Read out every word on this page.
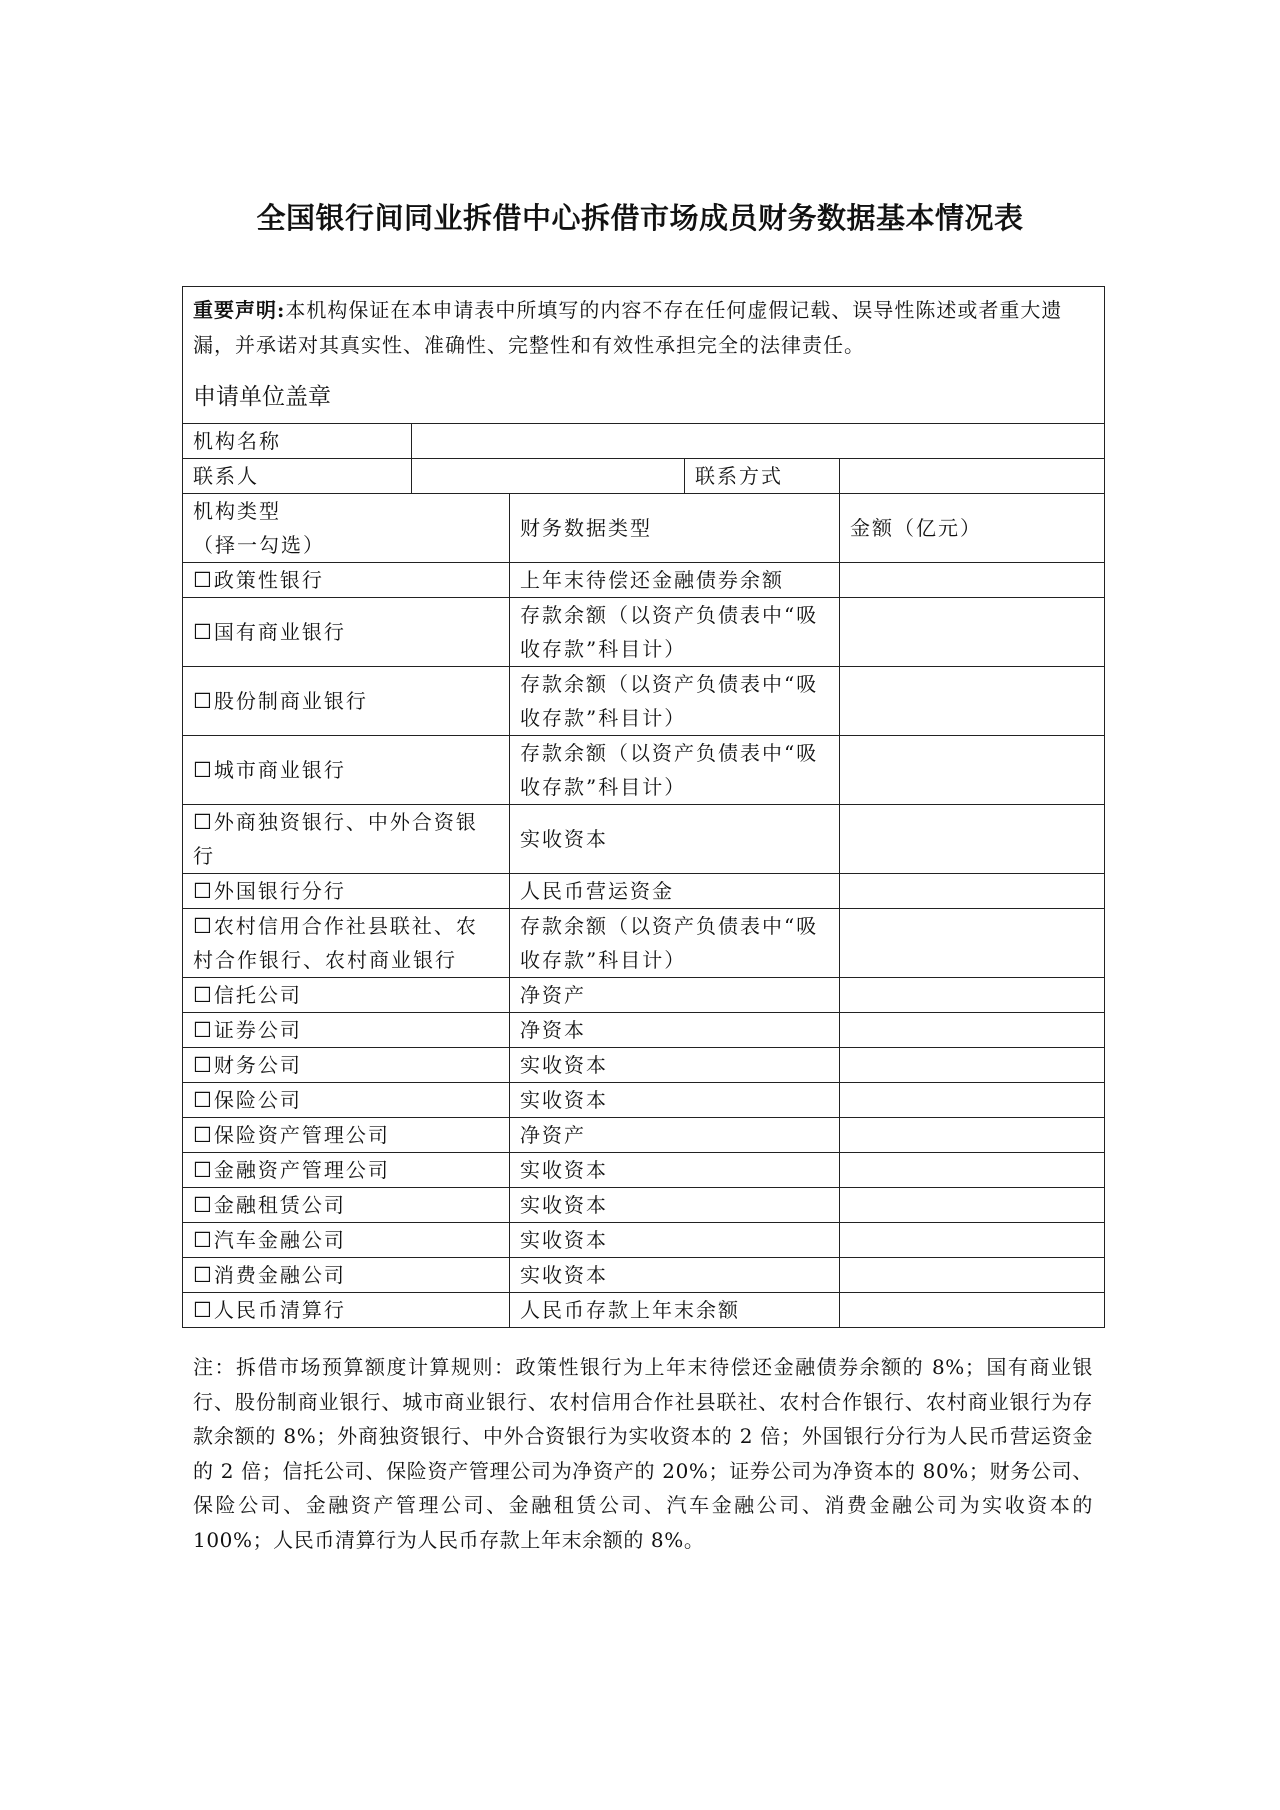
全国银行间同业拆借中心拆借市场成员财务数据基本情况表
重要声明:本机构保证在本申请表中所填写的内容不存在任何虚假记载、误导性陈述或者重大遗漏，并承诺对其真实性、准确性、完整性和有效性承担完全的法律责任。
申请单位盖章				

机构名称				
联系人			联系方式	

机构类型
（择一勾选）		财务数据类型		金额（亿元）
☐ 政策性银行		上年末待偿还金融债券余额		
☐ 国有商业银行		存款余额（以资产负债表中“吸收存款”科目计）		
☐ 股份制商业银行		存款余额（以资产负债表中“吸收存款”科目计）		
☐ 城市商业银行		存款余额（以资产负债表中“吸收存款”科目计）		
☐ 外商独资银行、中外合资银行		实收资本		
☐ 外国银行分行		人民币营运资金		
☐ 农村信用合作社县联社、农村合作银行、农村商业银行		存款余额（以资产负债表中“吸收存款”科目计）		
☐ 信托公司		净资产		
☐ 证券公司		净资本		
☐ 财务公司		实收资本		
☐ 保险公司		实收资本		
☐ 保险资产管理公司		净资产		
☐ 金融资产管理公司		实收资本		
☐ 金融租赁公司		实收资本		
☐ 汽车金融公司		实收资本		
☐ 消费金融公司		实收资本		
☐ 人民币清算行		人民币存款上年末余额		

注：拆借市场预算额度计算规则：政策性银行为上年末待偿还金融债券余额的 8%；国有商业银行、股份制商业银行、城市商业银行、农村信用合作社县联社、农村合作银行、农村商业银行为存款余额的 8%；外商独资银行、中外合资银行为实收资本的 2 倍；外国银行分行为人民币营运资金的 2 倍；信托公司、保险资产管理公司为净资产的 20%；证券公司为净资本的 80%；财务公司、保险公司、金融资产管理公司、金融租赁公司、汽车金融公司、消费金融公司为实收资本的 100%；人民币清算行为人民币存款上年末余额的 8%。
